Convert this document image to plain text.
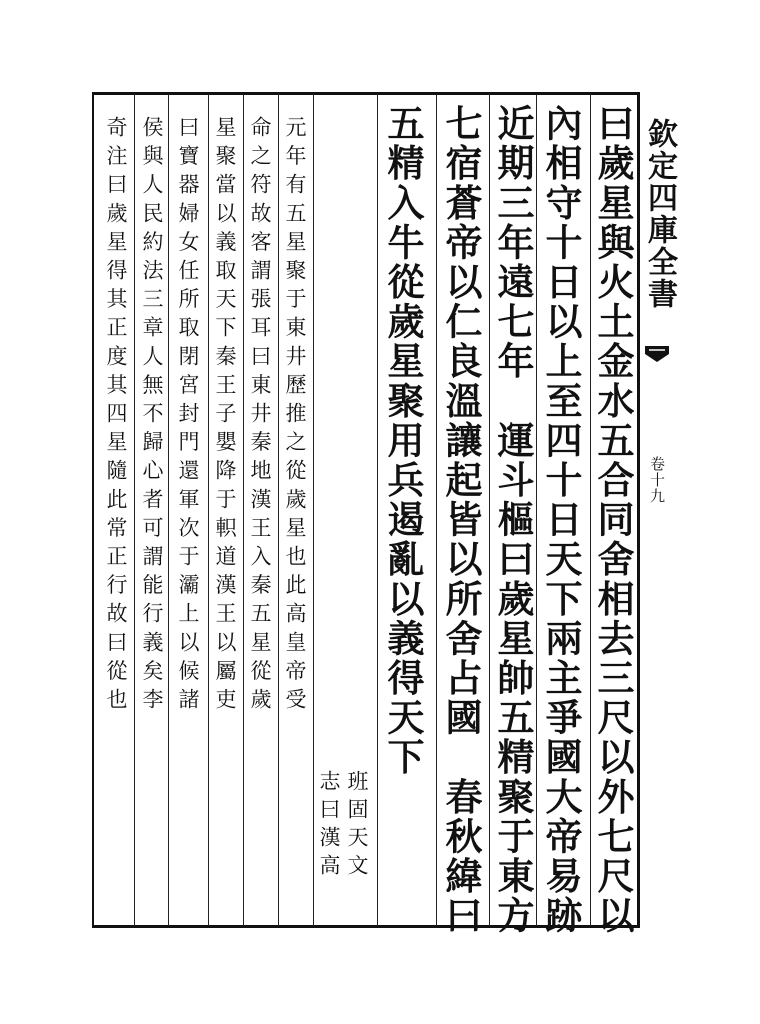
欽定四庫全書
卷十九
曰歲星與火土金水五合同舍相去三尺以外七尺以
內相守十日以上至四十日天下兩主爭國大帝易跡
近期三年遠七年　運斗樞曰歲星帥五精聚于東方
七宿蒼帝以仁良溫讓起皆以所舍占國　春秋緯曰
五精入牛從歲星聚用兵遏亂以義得天下
班固天文
志曰漢高
元年有五星聚于東井歷推之從歲星也此高皇帝受
命之符故客謂張耳曰東井秦地漢王入秦五星從歲
星聚當以義取天下秦王子嬰降于軹道漢王以屬吏
曰寶器婦女任所取閉宮封門還軍次于灞上以候諸
侯與人民約法三章人無不歸心者可謂能行義矣李
奇注曰歲星得其正度其四星隨此常正行故曰從也
